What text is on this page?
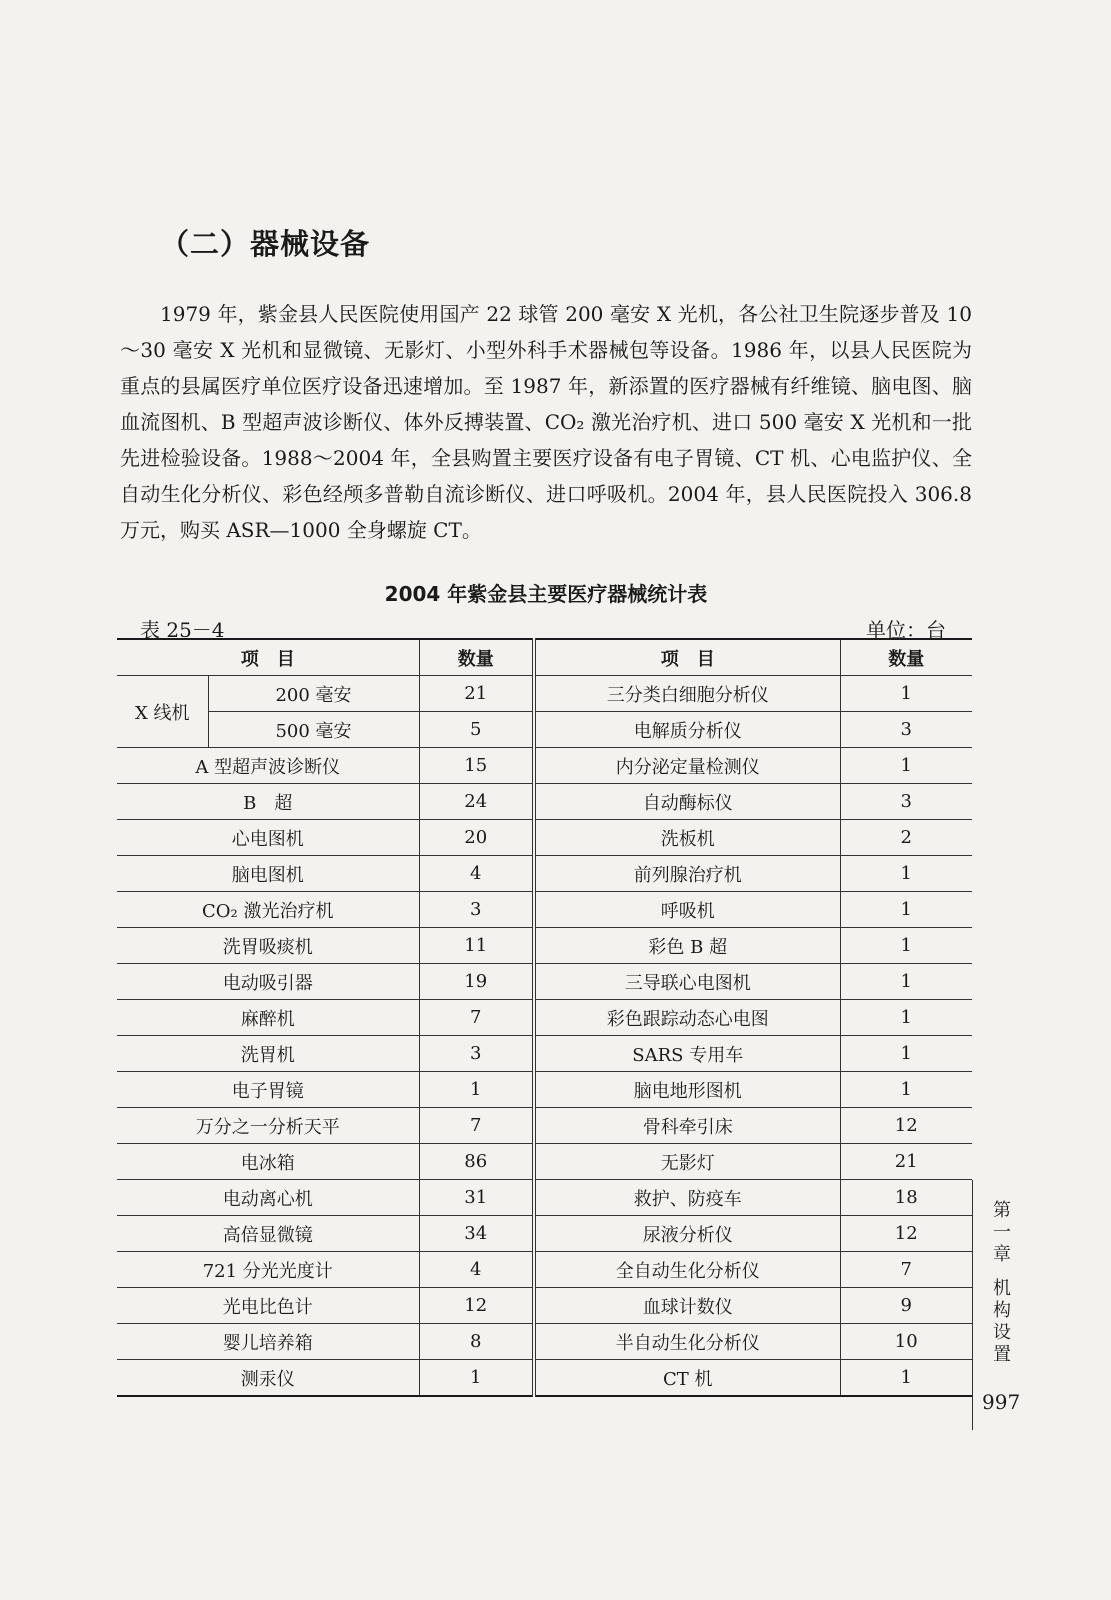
（二）器械设备

1979 年，紫金县人民医院使用国产 22 球管 200 毫安 X 光机，各公社卫生院逐步普及 10～30 毫安 X 光机和显微镜、无影灯、小型外科手术器械包等设备。1986 年，以县人民医院为重点的县属医疗单位医疗设备迅速增加。至 1987 年，新添置的医疗器械有纤维镜、脑电图、脑血流图机、B 型超声波诊断仪、体外反搏装置、CO₂ 激光治疗机、进口 500 毫安 X 光机和一批先进检验设备。1988～2004 年，全县购置主要医疗设备有电子胃镜、CT 机、心电监护仪、全自动生化分析仪、彩色经颅多普勒自流诊断仪、进口呼吸机。2004 年，县人民医院投入 306.8 万元，购买 ASR—1000 全身螺旋 CT。

2004 年紫金县主要医疗器械统计表
表 25－4	单位：台
项　目		数量	项　目	数量
X 线机	200 毫安	21	三分类白细胞分析仪	1
	500 毫安	5	电解质分析仪	3
A 型超声波诊断仪		15	内分泌定量检测仪	1
B　超		24	自动酶标仪	3
心电图机		20	洗板机	2
脑电图机		4	前列腺治疗机	1
CO₂ 激光治疗机		3	呼吸机	1
洗胃吸痰机		11	彩色 B 超	1
电动吸引器		19	三导联心电图机	1
麻醉机		7	彩色跟踪动态心电图	1
洗胃机		3	SARS 专用车	1
电子胃镜		1	脑电地形图机	1
万分之一分析天平		7	骨科牵引床	12
电冰箱		86	无影灯	21
电动离心机		31	救护、防疫车	18
高倍显微镜		34	尿液分析仪	12
721 分光光度计		4	全自动生化分析仪	7
光电比色计		12	血球计数仪	9
婴儿培养箱		8	半自动生化分析仪	10
测汞仪		1	CT 机	1
第
一
章
机
构
设
置
997
